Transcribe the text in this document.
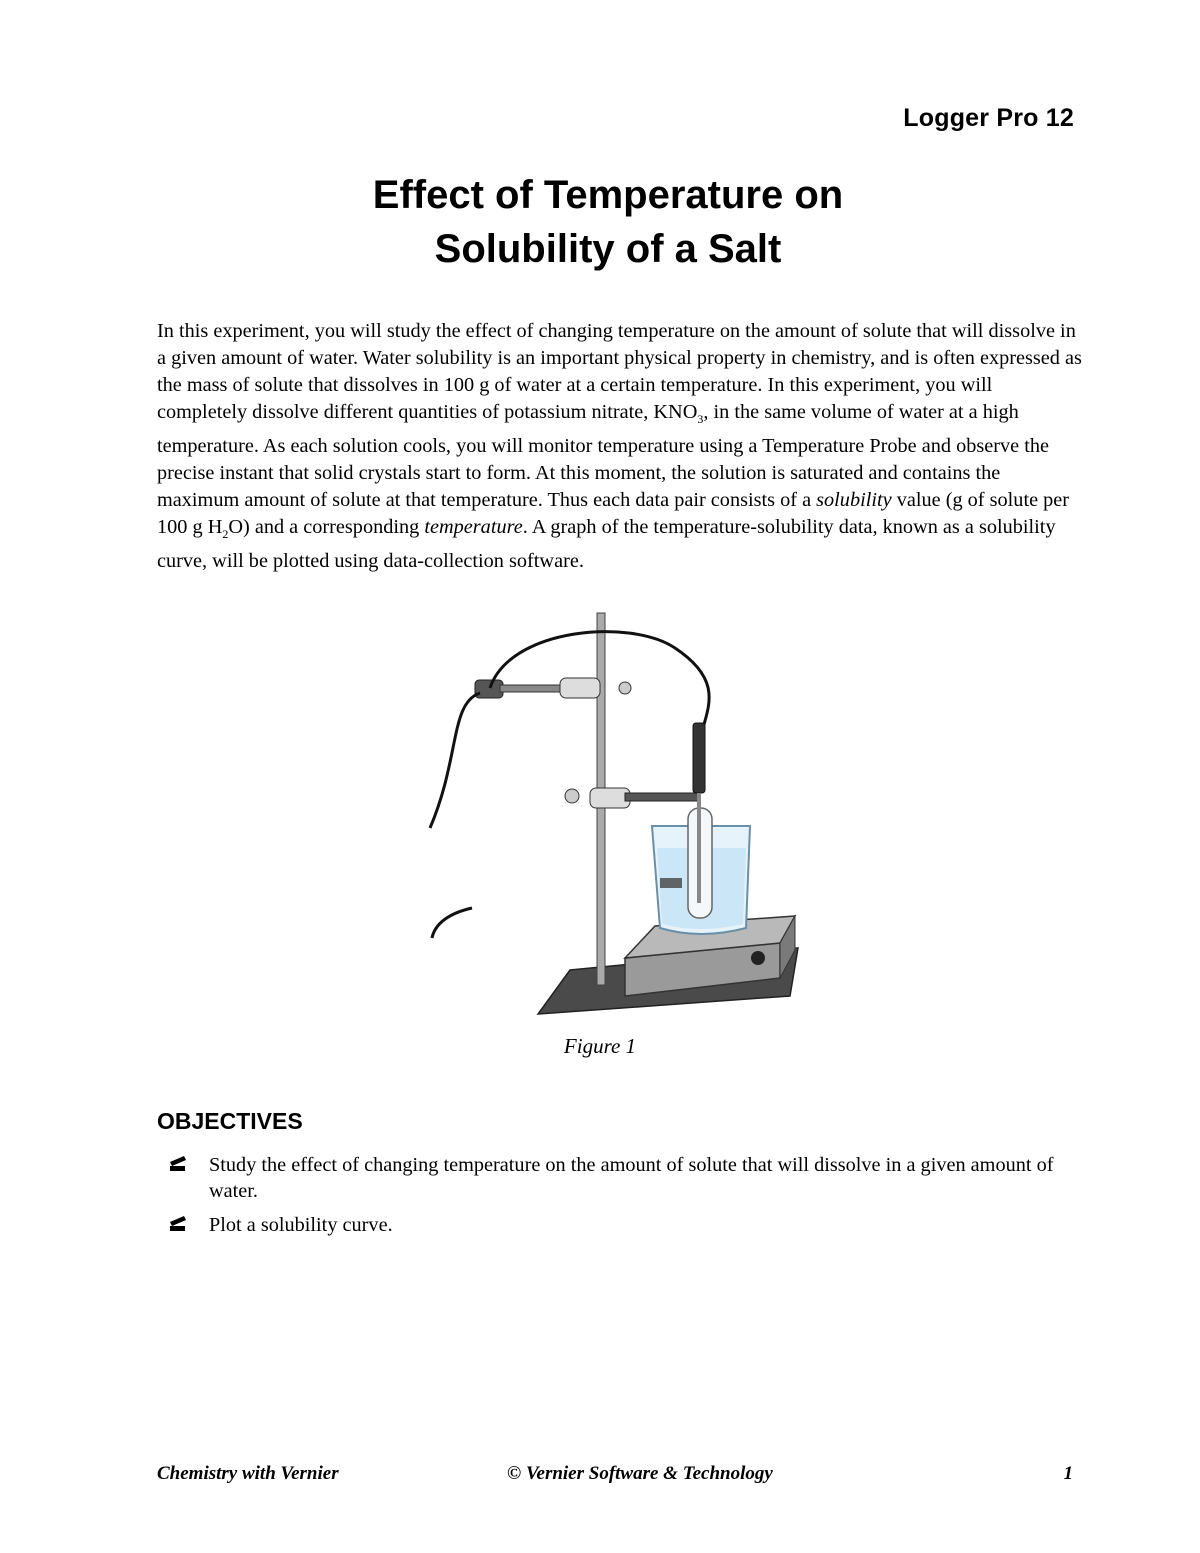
Logger Pro 12
Effect of Temperature on
Solubility of a Salt
In this experiment, you will study the effect of changing temperature on the amount of solute that will dissolve in a given amount of water. Water solubility is an important physical property in chemistry, and is often expressed as the mass of solute that dissolves in 100 g of water at a certain temperature. In this experiment, you will completely dissolve different quantities of potassium nitrate, $KNO_3$, in the same volume of water at a high temperature. As each solution cools, you will monitor temperature using a Temperature Probe and observe the precise instant that solid crystals start to form. At this moment, the solution is saturated and contains the maximum amount of solute at that temperature. Thus each data pair consists of a solubility value (g of solute per 100 g $H_2O$) and a corresponding temperature. A graph of the temperature-solubility data, known as a solubility curve, will be plotted using data-collection software.
Figure 1
OBJECTIVES
Study the effect of changing temperature on the amount of solute that will dissolve in a given amount of water.
Plot a solubility curve.
Chemistry with Vernier	© Vernier Software & Technology	1
